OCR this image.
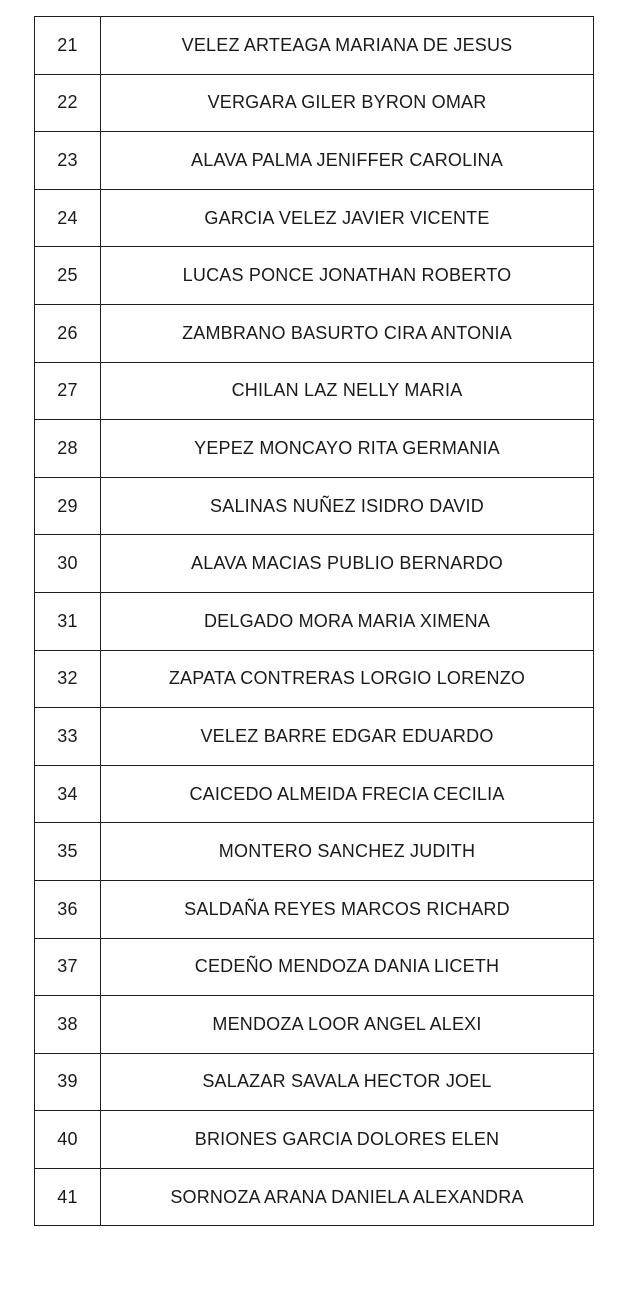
21	VELEZ ARTEAGA MARIANA DE JESUS
22	VERGARA GILER BYRON OMAR
23	ALAVA PALMA JENIFFER CAROLINA
24	GARCIA VELEZ JAVIER VICENTE
25	LUCAS PONCE JONATHAN ROBERTO
26	ZAMBRANO BASURTO CIRA ANTONIA
27	CHILAN LAZ NELLY MARIA
28	YEPEZ MONCAYO RITA GERMANIA
29	SALINAS NUÑEZ ISIDRO DAVID
30	ALAVA MACIAS PUBLIO BERNARDO
31	DELGADO MORA MARIA XIMENA
32	ZAPATA CONTRERAS LORGIO LORENZO
33	VELEZ BARRE EDGAR EDUARDO
34	CAICEDO ALMEIDA FRECIA CECILIA
35	MONTERO SANCHEZ JUDITH
36	SALDAÑA REYES MARCOS RICHARD
37	CEDEÑO MENDOZA DANIA LICETH
38	MENDOZA LOOR ANGEL ALEXI
39	SALAZAR SAVALA HECTOR JOEL
40	BRIONES GARCIA DOLORES ELEN
41	SORNOZA ARANA DANIELA ALEXANDRA
